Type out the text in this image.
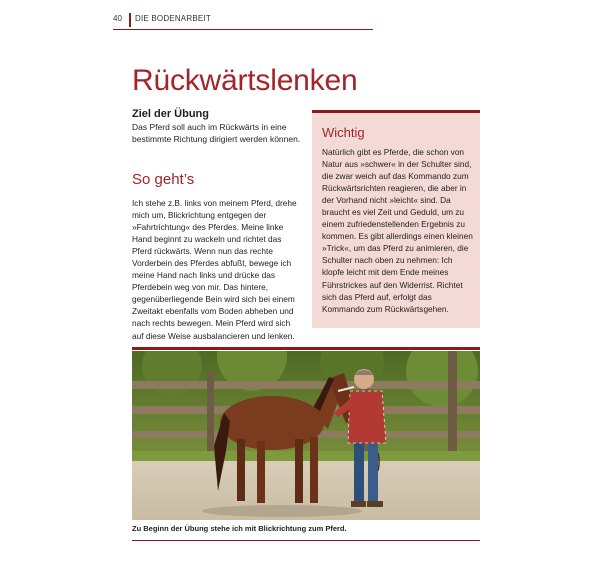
40 DIE BODENARBEIT
Rückwärtslenken
Ziel der Übung

Das Pferd soll auch im Rückwärts in eine bestimmte Richtung dirigiert werden können.

So geht’s

Ich stehe z.B. links von meinem Pferd, drehe mich um, Blickrichtung entgegen der »Fahrtrichtung« des Pferdes. Meine linke Hand beginnt zu wackeln und richtet das Pferd rückwärts. Wenn nun das rechte Vorderbein des Pferdes abfußt, bewege ich meine Hand nach links und drücke das Pferdebein weg von mir. Das hintere, gegenüberliegende Bein wird sich bei einem Zweitakt ebenfalls vom Boden abheben und nach rechts bewegen. Mein Pferd wird sich auf diese Weise ausbalancieren und lenken.

Wichtig

Natürlich gibt es Pferde, die schon von Natur aus »schwer« in der Schulter sind, die zwar weich auf das Kommando zum Rückwärtsrichten reagieren, die aber in der Vorhand nicht »leicht« sind. Da braucht es viel Zeit und Geduld, um zu einem zufriedenstellenden Ergebnis zu kommen. Es gibt allerdings einen kleinen »Trick«, um das Pferd zu animieren, die Schulter nach oben zu nehmen: Ich klopfe leicht mit dem Ende meines Führstrickes auf den Widerrist. Richtet sich das Pferd auf, erfolgt das Kommando zum Rückwärtsgehen.

Zu Beginn der Übung stehe ich mit Blickrichtung zum Pferd.
